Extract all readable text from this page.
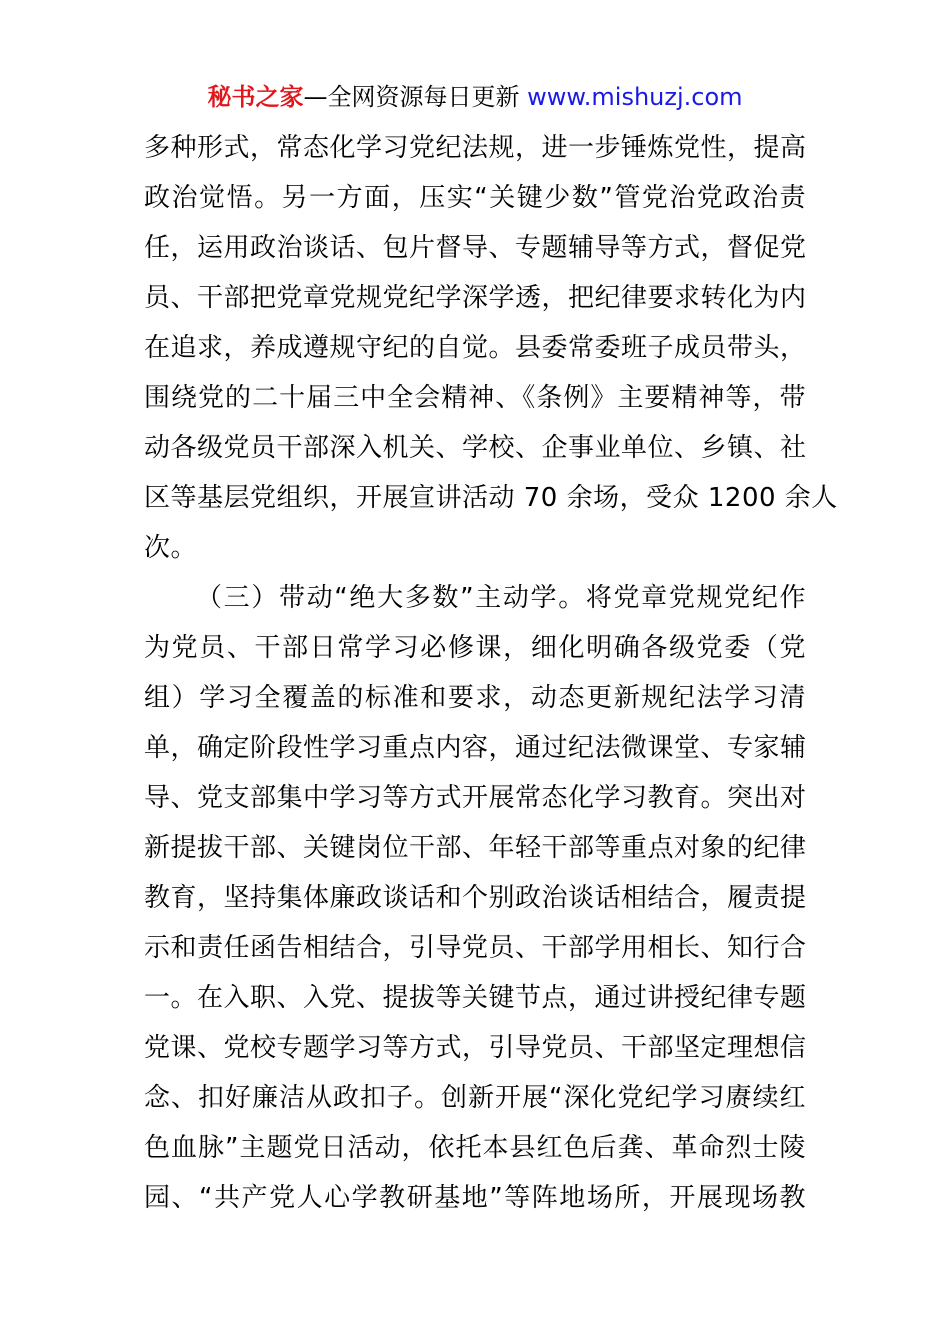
秘书之家—全网资源每日更新 www.mishuzj.com
多种形式，常态化学习党纪法规，进一步锤炼党性，提高
政治觉悟。另一方面，压实“关键少数”管党治党政治责
任，运用政治谈话、包片督导、专题辅导等方式，督促党
员、干部把党章党规党纪学深学透，把纪律要求转化为内
在追求，养成遵规守纪的自觉。县委常委班子成员带头，
围绕党的二十届三中全会精神、《条例》主要精神等，带
动各级党员干部深入机关、学校、企事业单位、乡镇、社
区等基层党组织，开展宣讲活动 70 余场，受众 1200 余人
次。
（三）带动“绝大多数”主动学。将党章党规党纪作
为党员、干部日常学习必修课，细化明确各级党委（党
组）学习全覆盖的标准和要求，动态更新规纪法学习清
单，确定阶段性学习重点内容，通过纪法微课堂、专家辅
导、党支部集中学习等方式开展常态化学习教育。突出对
新提拔干部、关键岗位干部、年轻干部等重点对象的纪律
教育，坚持集体廉政谈话和个别政治谈话相结合，履责提
示和责任函告相结合，引导党员、干部学用相长、知行合
一。在入职、入党、提拔等关键节点，通过讲授纪律专题
党课、党校专题学习等方式，引导党员、干部坚定理想信
念、扣好廉洁从政扣子。创新开展“深化党纪学习赓续红
色血脉”主题党日活动，依托本县红色后龚、革命烈士陵
园、“共产党人心学教研基地”等阵地场所，开展现场教
